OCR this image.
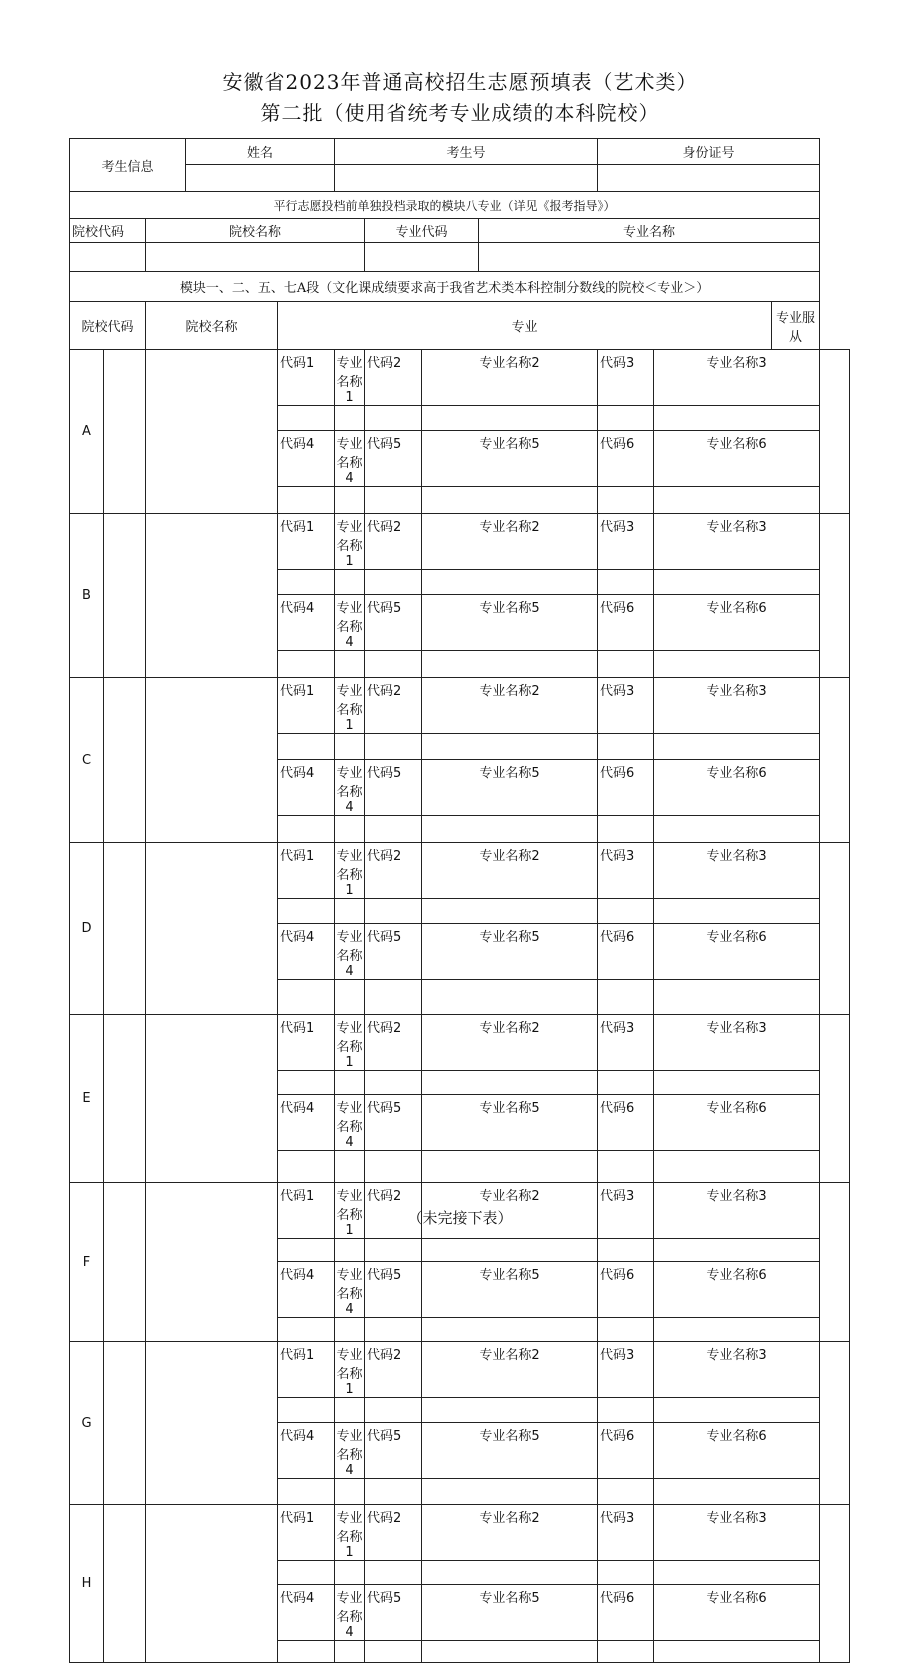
安徽省2023年普通高校招生志愿预填表（艺术类）
第二批（使用省统考专业成绩的本科院校）
考生信息			姓名		考生号				身份证号			

平行志愿投档前单独投档录取的模块八专业（详见《报考指导》）												
院校代码		院校名称				专业代码		专业名称				

模块一、二、五、七A段（文化课成绩要求高于我省艺术类本科控制分数线的院校＜专业＞）												
院校代码		院校名称		专业							专业服
从	
A				代码1	专业名称1	代码2	专业名称2		代码3	专业名称3		

				代码4	专业名称4	代码5	专业名称5		代码6	专业名称6		

B				代码1	专业名称1	代码2	专业名称2		代码3	专业名称3		

				代码4	专业名称4	代码5	专业名称5		代码6	专业名称6		

C				代码1	专业名称1	代码2	专业名称2		代码3	专业名称3		

				代码4	专业名称4	代码5	专业名称5		代码6	专业名称6		

D				代码1	专业名称1	代码2	专业名称2		代码3	专业名称3		

				代码4	专业名称4	代码5	专业名称5		代码6	专业名称6		

E				代码1	专业名称1	代码2	专业名称2		代码3	专业名称3		

				代码4	专业名称4	代码5	专业名称5		代码6	专业名称6		

F				代码1	专业名称1	代码2	专业名称2		代码3	专业名称3		

				代码4	专业名称4	代码5	专业名称5		代码6	专业名称6		

G				代码1	专业名称1	代码2	专业名称2		代码3	专业名称3		

				代码4	专业名称4	代码5	专业名称5		代码6	专业名称6		

H				代码1	专业名称1	代码2	专业名称2		代码3	专业名称3		

				代码4	专业名称4	代码5	专业名称5		代码6	专业名称6		

（未完接下表）
